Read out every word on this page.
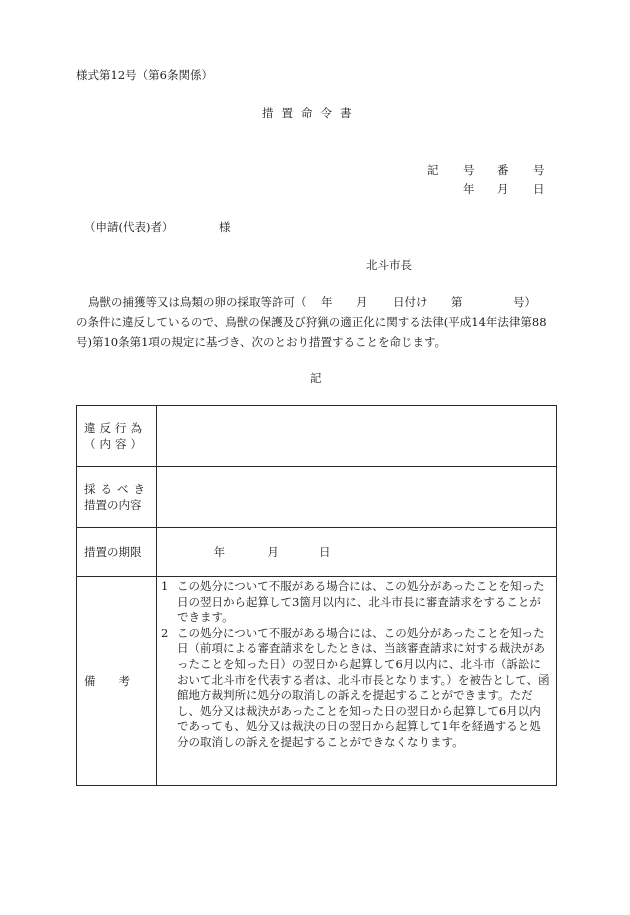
様式第12号（第6条関係）
措置命令書
記 号 番 号
年 月 日
（申請(代表)者）	様
北斗市長
鳥獣の捕獲等又は鳥類の卵の採取等許可（	年	月	日付け	第	号）
の条件に違反しているので、鳥獣の保護及び狩猟の適正化に関する法律(平成14年法律第88
号)第10条第1項の規定に基づき、次のとおり措置することを命じます。
記
違反行為
（内容）	

採るべき
措置の内容	

措置の期限	年 月 日
備　　考	1 この処分について不服がある場合には、この処分があったことを知った日の翌日から起算して3箇月以内に、北斗市長に審査請求をすることができます。
2 この処分について不服がある場合には、この処分があったことを知った日（前項による審査請求をしたときは、当該審査請求に対する裁決があったことを知った日）の翌日から起算して6月以内に、北斗市（訴訟において北斗市を代表する者は、北斗市長となります。）を被告として、函館地方裁判所に処分の取消しの訴えを提起することができます。ただし、処分又は裁決があったことを知った日の翌日から起算して6月以内であっても、処分又は裁決の日の翌日から起算して1年を経過すると処分の取消しの訴えを提起することができなくなります。
